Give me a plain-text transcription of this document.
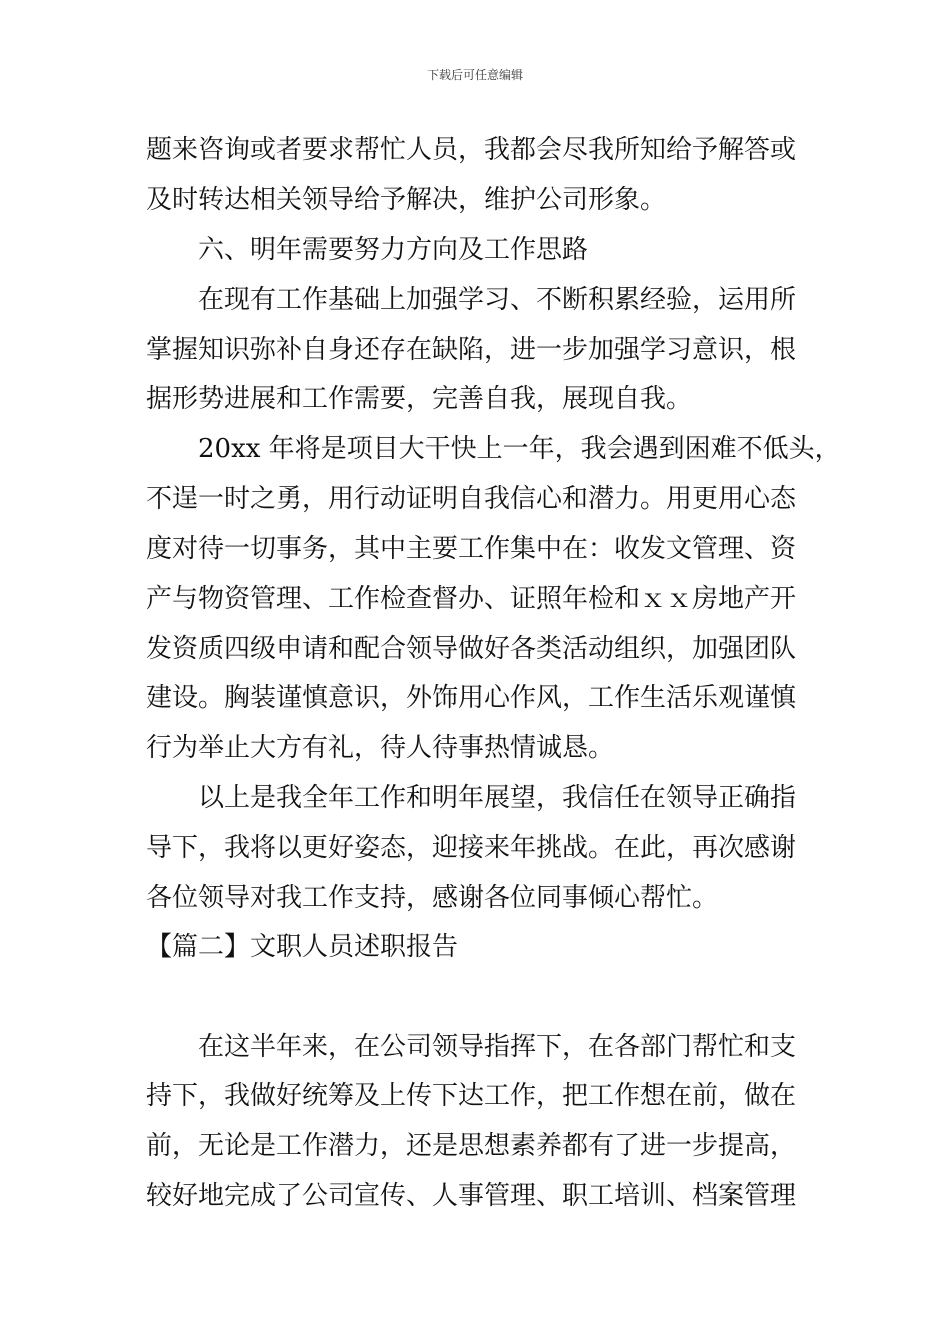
下载后可任意编辑
题来咨询或者要求帮忙人员，我都会尽我所知给予解答或
及时转达相关领导给予解决，维护公司形象。
六、明年需要努力方向及工作思路
在现有工作基础上加强学习、不断积累经验，运用所
掌握知识弥补自身还存在缺陷，进一步加强学习意识，根
据形势进展和工作需要，完善自我，展现自我。
20xx 年将是项目大干快上一年，我会遇到困难不低头，
不逞一时之勇，用行动证明自我信心和潜力。用更用心态
度对待一切事务，其中主要工作集中在：收发文管理、资
产与物资管理、工作检查督办、证照年检和ｘｘ房地产开
发资质四级申请和配合领导做好各类活动组织，加强团队
建设。胸装谨慎意识，外饰用心作风，工作生活乐观谨慎
行为举止大方有礼，待人待事热情诚恳。
以上是我全年工作和明年展望，我信任在领导正确指
导下，我将以更好姿态，迎接来年挑战。在此，再次感谢
各位领导对我工作支持，感谢各位同事倾心帮忙。
【篇二】文职人员述职报告
在这半年来，在公司领导指挥下，在各部门帮忙和支
持下，我做好统筹及上传下达工作，把工作想在前，做在
前，无论是工作潜力，还是思想素养都有了进一步提高，
较好地完成了公司宣传、人事管理、职工培训、档案管理
